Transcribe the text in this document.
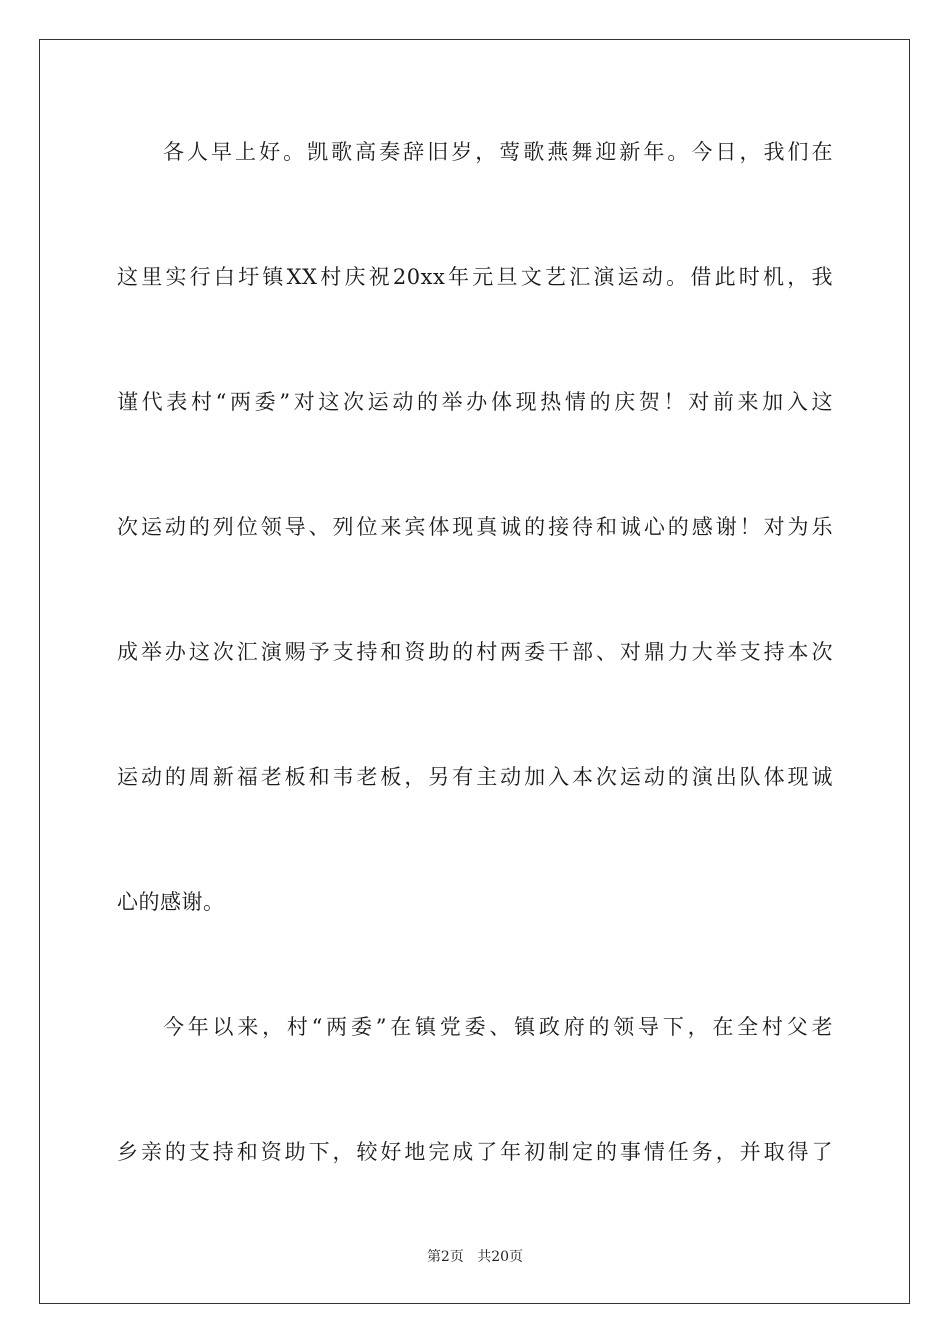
各人早上好。凯歌高奏辞旧岁，莺歌燕舞迎新年。今日，我们在
这里实行白圩镇XX村庆祝20xx年元旦文艺汇演运动。借此时机，我
谨代表村“两委”对这次运动的举办体现热情的庆贺！对前来加入这
次运动的列位领导、列位来宾体现真诚的接待和诚心的感谢！对为乐
成举办这次汇演赐予支持和资助的村两委干部、对鼎力大举支持本次
运动的周新福老板和韦老板，另有主动加入本次运动的演出队体现诚
心的感谢。
今年以来，村“两委”在镇党委、镇政府的领导下，在全村父老
乡亲的支持和资助下，较好地完成了年初制定的事情任务，并取得了
第2页 共20页
